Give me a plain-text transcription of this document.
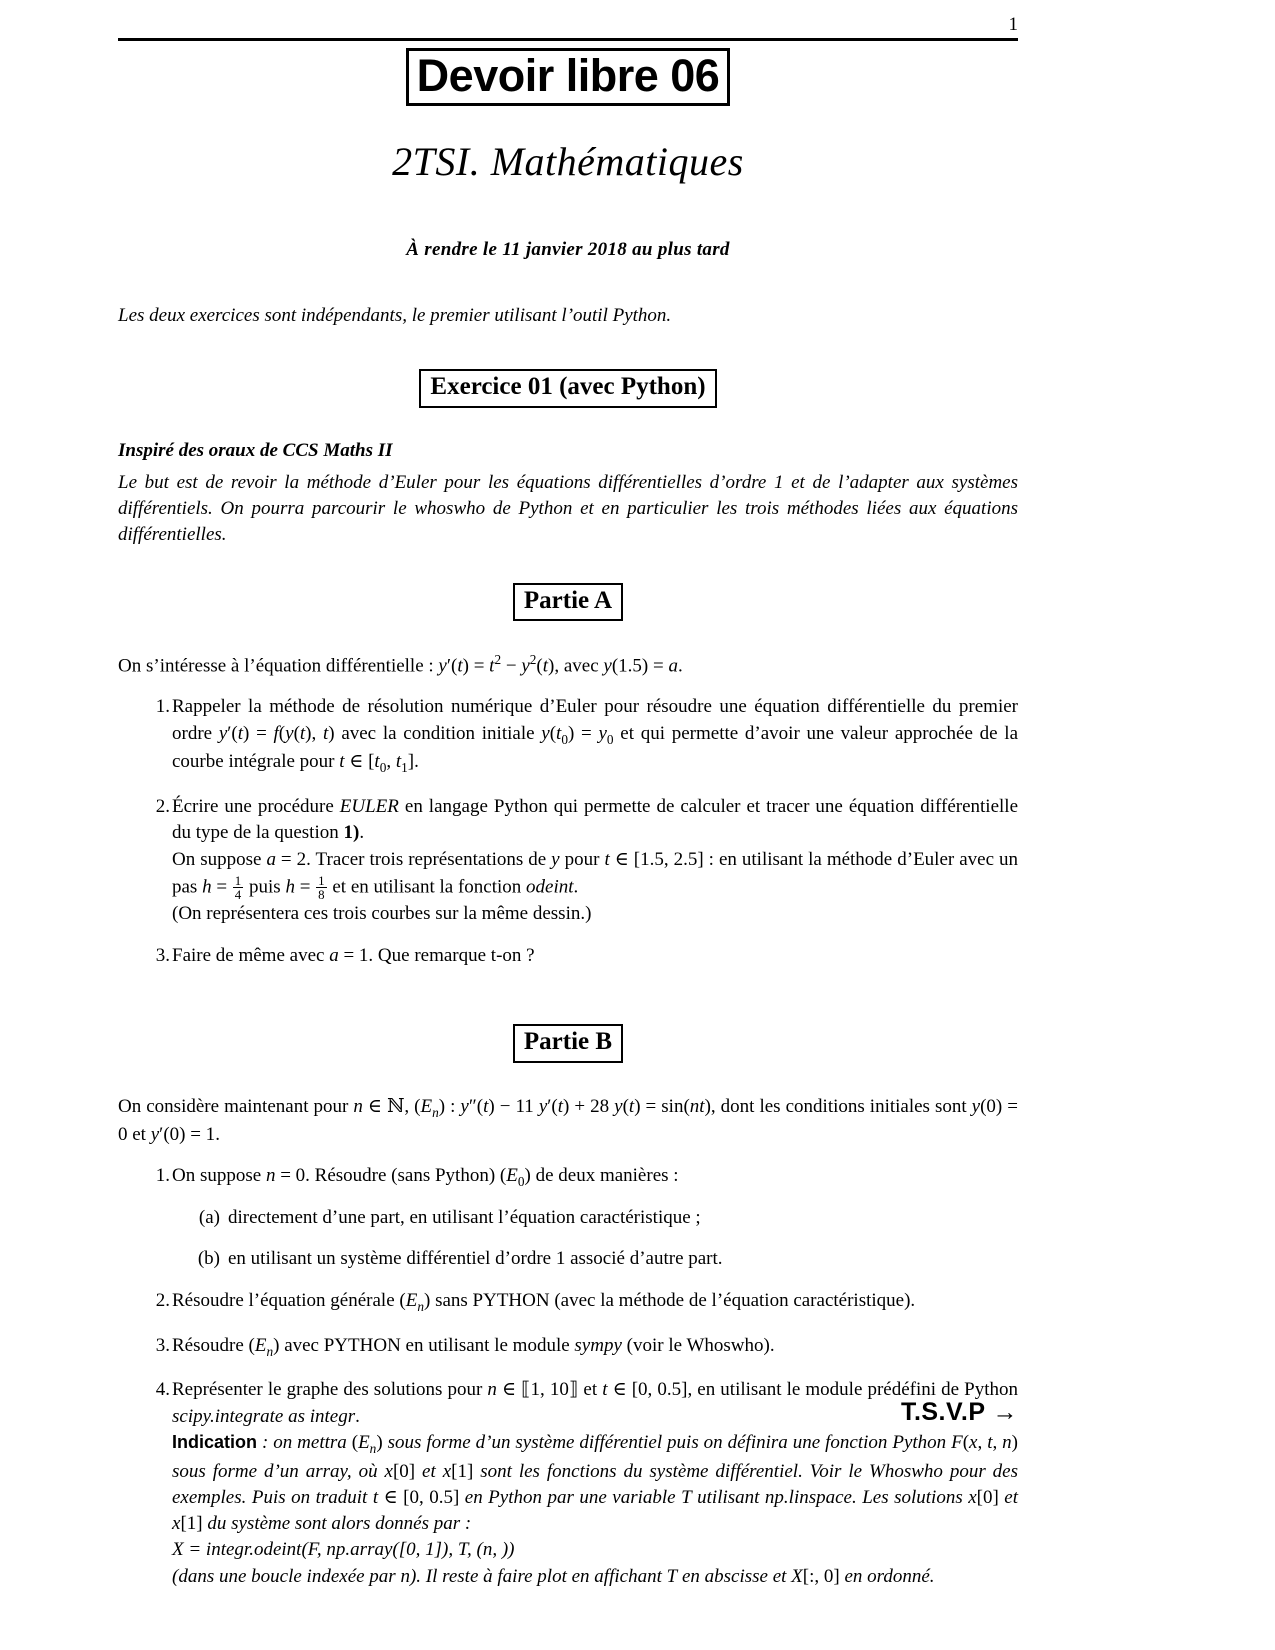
1
Devoir libre 06
2TSI. Mathématiques
À rendre le 11 janvier 2018 au plus tard
Les deux exercices sont indépendants, le premier utilisant l’outil Python.
Exercice 01 (avec Python)
Inspiré des oraux de CCS Maths II
Le but est de revoir la méthode d’Euler pour les équations différentielles d’ordre 1 et de l’adapter aux systèmes différentiels. On pourra parcourir le whoswho de Python et en particulier les trois méthodes liées aux équations différentielles.
Partie A
On s’intéresse à l’équation différentielle : $y'(t) = t^2 - y^2(t)$, avec y(1.5) = a.
1. Rappeler la méthode de résolution numérique d’Euler pour résoudre une équation différentielle du premier ordre y′(t) = f(y(t), t) avec la condition initiale $y(t_0) = y_0$ et qui permette d’avoir une valeur approchée de la courbe intégrale pour t ∈ [$t_0$, $t_1$].
2. Écrire une procédure EULER en langage Python qui permette de calculer et tracer une équation différentielle du type de la question 1).
On suppose a = 2. Tracer trois représentations de y pour t ∈ [1.5, 2.5] : en utilisant la méthode d’Euler avec un pas $h = \frac{1}{4}$ puis $h = \frac{1}{8}$ et en utilisant la fonction odeint.
(On représentera ces trois courbes sur la même dessin.)
3. Faire de même avec a = 1. Que remarque t-on ?
Partie B
On considère maintenant pour n ∈ ℕ, $(E_n)$ : y″(t) − 11 y′(t) + 28 y(t) = sin(nt), dont les conditions initiales sont y(0) = 0 et y′(0) = 1.
1. On suppose n = 0. Résoudre (sans Python) $(E_0)$ de deux manières :
(a) directement d’une part, en utilisant l’équation caractéristique ;
(b) en utilisant un système différentiel d’ordre 1 associé d’autre part.
2. Résoudre l’équation générale $(E_n)$ sans PYTHON (avec la méthode de l’équation caractéristique).
3. Résoudre $(E_n)$ avec PYTHON en utilisant le module sympy (voir le Whoswho).
4. Représenter le graphe des solutions pour n ∈ ⟦1, 10⟧ et t ∈ [0, 0.5], en utilisant le module prédéfini de Python scipy.integrate as integr.
Indication : on mettra $(E_n)$ sous forme d’un système différentiel puis on définira une fonction Python F(x, t, n) sous forme d’un array, où x[0] et x[1] sont les fonctions du système différentiel. Voir le Whoswho pour des exemples. Puis on traduit t ∈ [0, 0.5] en Python par une variable T utilisant np.linspace. Les solutions x[0] et x[1] du système sont alors donnés par :
X = integr.odeint(F, np.array([0, 1]), T, (n, ))
(dans une boucle indexée par n). Il reste à faire plot en affichant T en abscisse et X[:, 0] en ordonné.
T.S.V.P →
